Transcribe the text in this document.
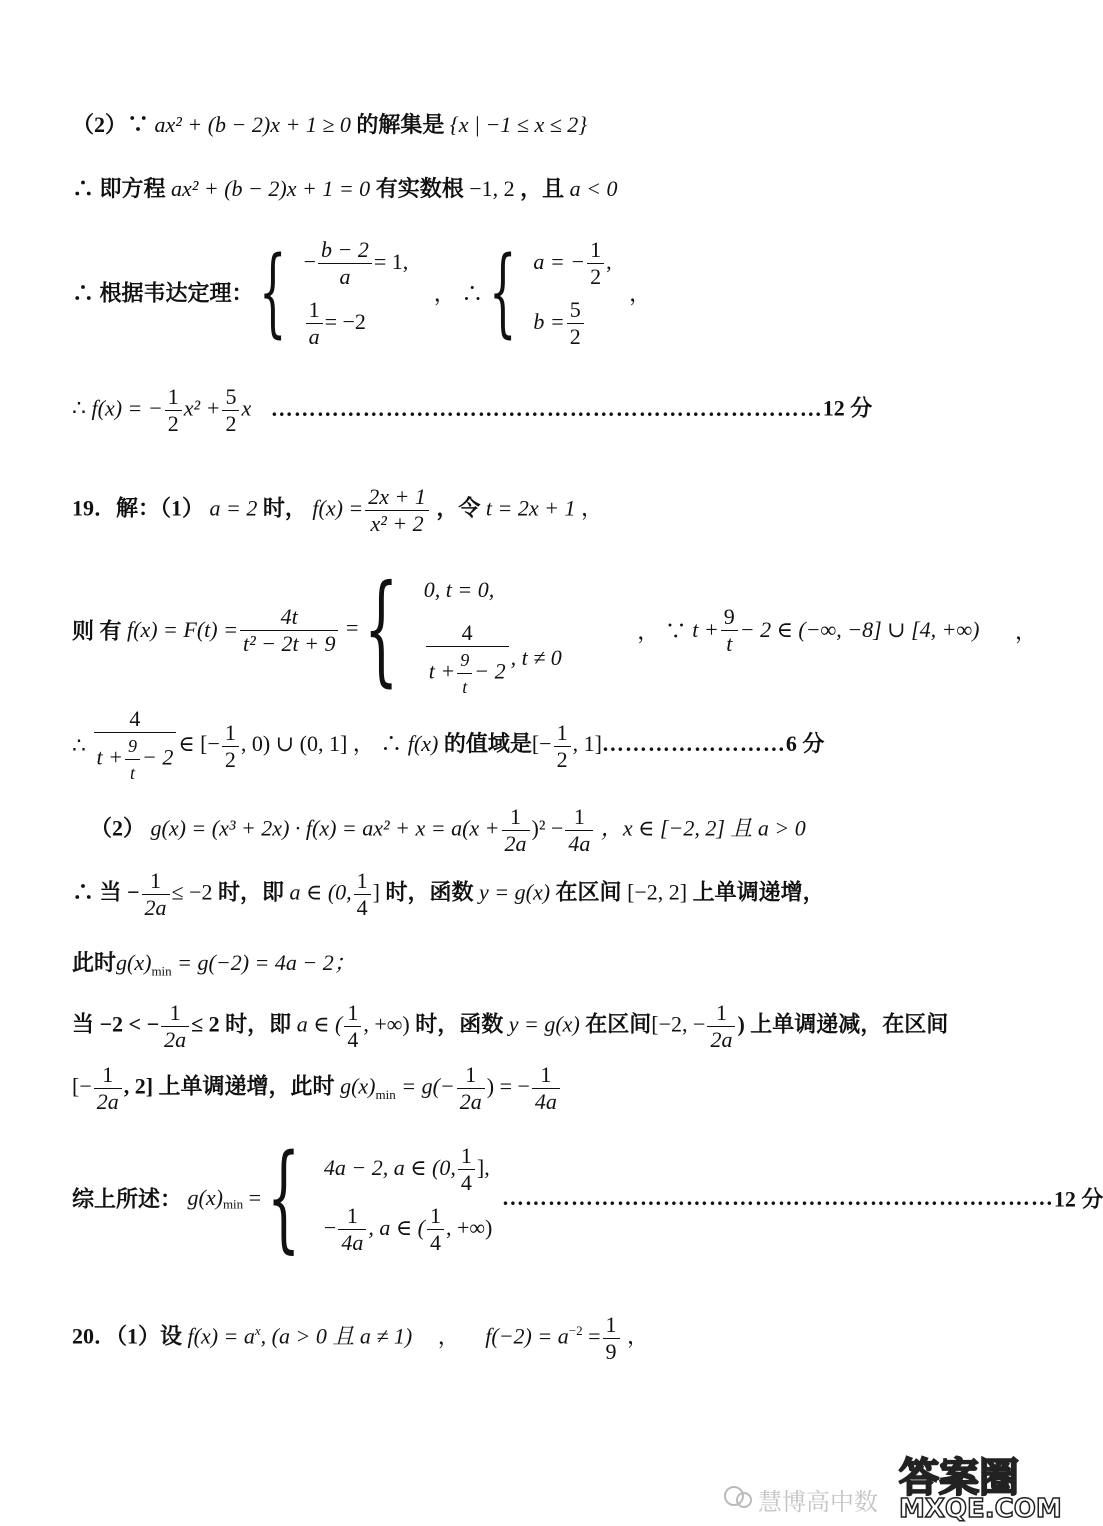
（2）∵ ax² + (b − 2)x + 1 ≥ 0 的解集是 {x | −1 ≤ x ≤ 2}
∴ 即方程 ax² + (b − 2)x + 1 = 0 有实数根 −1, 2 ，且 a < 0
∴ 根据韦达定理： { − $\frac{b - 2}{a} = 1$,
$\frac{1}{a} = -2$
， ∴ { a = − $\frac{1}{2}$ ,
$b = \frac{5}{2}$
，
∴ f(x) = − $\frac{1}{2} x^2 + \frac{5}{2}$ x ………………………………………………………………12 分
19．解：（1） a = 2 时， $f(x) = \frac{2x + 1}{\text{x² + 2}}$ ，令 t = 2x + 1 ，
则 有 $f(x) = F(t) = \frac{4t}{\text{t² − 2t + 9}}$ = { 0, t = 0,
$\frac{4}{t + \frac{9}{t} - 2}$ , t ≠ 0
， ∵ $t + \frac{9}{t} - 2$ ∈ (−∞, −8] ∪ [4, +∞) ，
∴ $\frac{4}{t + \frac{9}{t} - 2}$ ∈ [− $\frac{1}{2}$ , 0) ∪ (0, 1] ， ∴ f(x) 的值域是[− $\frac{1}{2}$ , 1]……………………6 分
（2） $g(x) = (x^3 + 2x) \cdot f(x) = ax^2 + x = a(x + \frac{1}{2a} )^2 - \frac{1}{4a}$ ，x ∈ [−2, 2] 且 a > 0
∴ 当 − $\frac{1}{2a} \le -2$ 时，即 a ∈ (0, $\frac{1}{4}$ ] 时，函数 y = g(x) 在区间 [−2, 2] 上单调递增，
此时$g(x)_{min} = g(-2) = 4a - 2$；
当 −2 < − $\frac{1}{2a} \le 2$ 时，即 a ∈ ( $\frac{1}{4}$ , +∞) 时，函数 y = g(x) 在区间[−2, − $\frac{1}{2a}$ ) 上单调递减，在区间
[− $\frac{1}{2a}$ , 2] 上单调递增，此时 $g(x)_{min} = g(- \frac{1}{2a}$ ) = − $\frac{1}{4a}$
综上所述： $g(x)_{min}$ = { 4a − 2, a ∈ (0, $\frac{1}{4}$ ],
− $\frac{1}{4a}$ , a ∈ ( $\frac{1}{4}$ , +∞)
………………………………………………………………12 分
20．（1）设 $f(x) = a^x$, (a > 0 且 a ≠ 1) ， $f(-2) = a^{-2} = \frac{1}{9}$ ，
慧博高中数
答案圈
MXQE.COM
